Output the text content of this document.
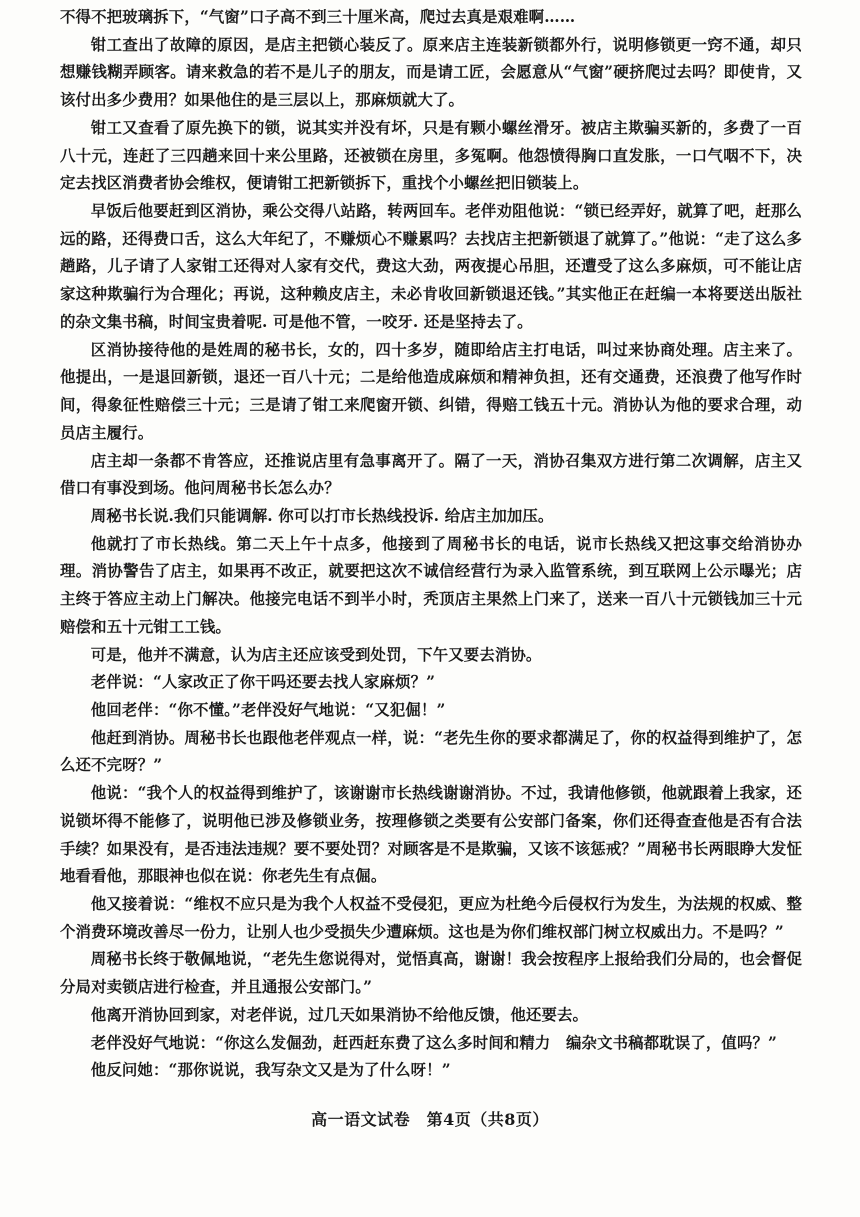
不得不把玻璃拆下，“气窗”口子高不到三十厘米高，爬过去真是艰难啊……

钳工查出了故障的原因，是店主把锁心装反了。原来店主连装新锁都外行，说明修锁更一窍不通，却只想赚钱糊弄顾客。请来救急的若不是儿子的朋友，而是请工匠，会愿意从“气窗”硬挤爬过去吗？即使肯，又该付出多少费用？如果他住的是三层以上，那麻烦就大了。

钳工又查看了原先换下的锁，说其实并没有坏，只是有颗小螺丝滑牙。被店主欺骗买新的，多费了一百八十元，连赶了三四趟来回十来公里路，还被锁在房里，多冤啊。他怨愤得胸口直发胀，一口气咽不下，决定去找区消费者协会维权，便请钳工把新锁拆下，重找个小螺丝把旧锁装上。

早饭后他要赶到区消协，乘公交得八站路，转两回车。老伴劝阻他说：“锁已经弄好，就算了吧，赶那么远的路，还得费口舌，这么大年纪了，不赚烦心不赚累吗？去找店主把新锁退了就算了。”他说：“走了这么多趟路，儿子请了人家钳工还得对人家有交代，费这大劲，两夜提心吊胆，还遭受了这么多麻烦，可不能让店家这种欺骗行为合理化；再说，这种赖皮店主，未必肯收回新锁退还钱。”其实他正在赶编一本将要送出版社的杂文集书稿，时间宝贵着呢. 可是他不管，一咬牙. 还是坚持去了。

区消协接待他的是姓周的秘书长，女的，四十多岁，随即给店主打电话，叫过来协商处理。店主来了。他提出，一是退回新锁，退还一百八十元；二是给他造成麻烦和精神负担，还有交通费，还浪费了他写作时间，得象征性赔偿三十元；三是请了钳工来爬窗开锁、纠错，得赔工钱五十元。消协认为他的要求合理，动员店主履行。

店主却一条都不肯答应，还推说店里有急事离开了。隔了一天，消协召集双方进行第二次调解，店主又借口有事没到场。他问周秘书长怎么办？

周秘书长说.我们只能调解. 你可以打市长热线投诉. 给店主加加压。

他就打了市长热线。第二天上午十点多，他接到了周秘书长的电话，说市长热线又把这事交给消协办理。消协警告了店主，如果再不改正，就要把这次不诚信经营行为录入监管系统，到互联网上公示曝光；店主终于答应主动上门解决。他接完电话不到半小时，秃顶店主果然上门来了，送来一百八十元锁钱加三十元赔偿和五十元钳工工钱。

可是，他并不满意，认为店主还应该受到处罚，下午又要去消协。

老伴说：“人家改正了你干吗还要去找人家麻烦？”

他回老伴：“你不懂。”老伴没好气地说：“又犯倔！”

他赶到消协。周秘书长也跟他老伴观点一样，说：“老先生你的要求都满足了，你的权益得到维护了，怎么还不完呀？”

他说：“我个人的权益得到维护了，该谢谢市长热线谢谢消协。不过，我请他修锁，他就跟着上我家，还说锁坏得不能修了，说明他已涉及修锁业务，按理修锁之类要有公安部门备案，你们还得查查他是否有合法手续？如果没有，是否违法违规？要不要处罚？对顾客是不是欺骗，又该不该惩戒？”周秘书长两眼睁大发怔地看看他，那眼神也似在说：你老先生有点倔。

他又接着说：“维权不应只是为我个人权益不受侵犯，更应为杜绝今后侵权行为发生，为法规的权威、整个消费环境改善尽一份力，让别人也少受损失少遭麻烦。这也是为你们维权部门树立权威出力。不是吗？”

周秘书长终于敬佩地说，“老先生您说得对，觉悟真高，谢谢！我会按程序上报给我们分局的，也会督促分局对卖锁店进行检查，并且通报公安部门。”

他离开消协回到家，对老伴说，过几天如果消协不给他反馈，他还要去。

老伴没好气地说：“你这么发倔劲，赶西赶东费了这么多时间和精力　编杂文书稿都耽误了，值吗？”

他反问她：“那你说说，我写杂文又是为了什么呀！”

高一语文试卷　第4页（共8页）
